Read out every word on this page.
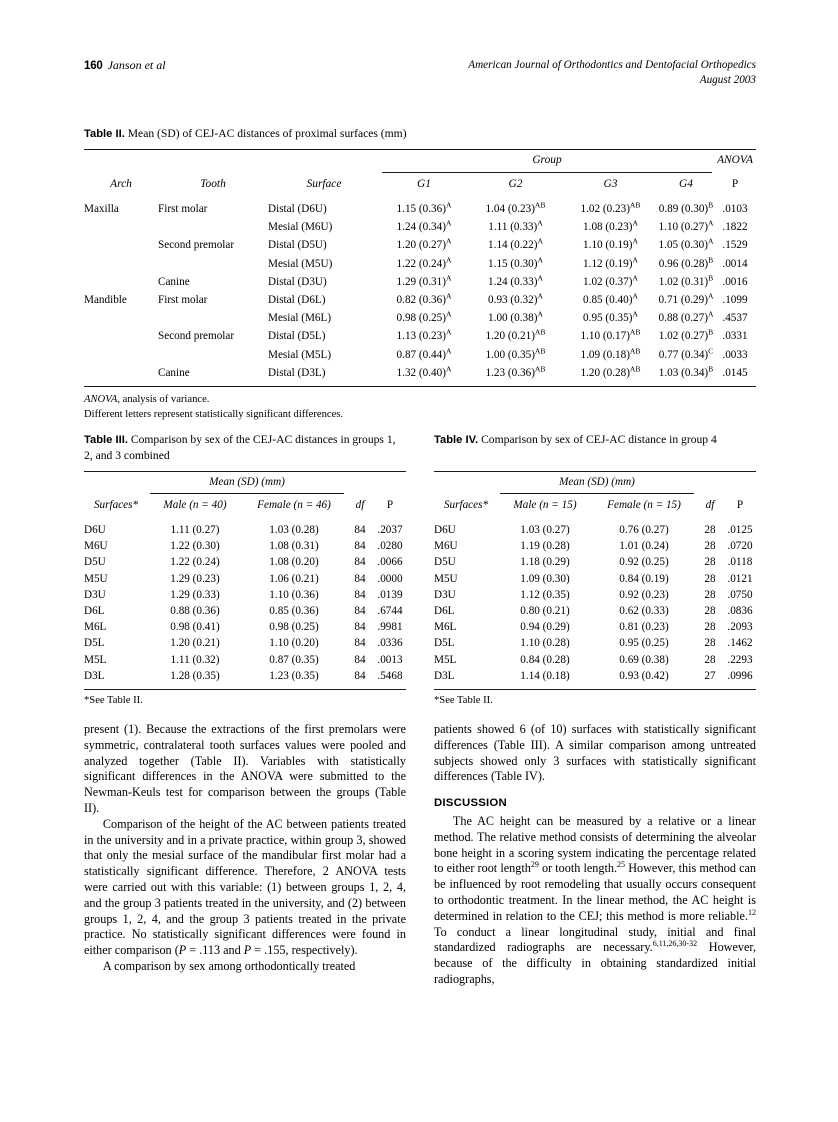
160 Janson et al	American Journal of Orthodontics and Dentofacial Orthopedics
August 2003
Table II. Mean (SD) of CEJ-AC distances of proximal surfaces (mm)
			Group				ANOVA

Arch	Tooth	Surface	G1	G2	G3	G4	P
Maxilla	First molar	Distal (D6U)	1.15 $(0.36)^A$	1.04 $(0.23)^{AB}$	1.02 $(0.23)^{AB}$	0.89 $(0.30)^B$	.0103
		Mesial (M6U)	1.24 $(0.34)^A$	1.11 $(0.33)^A$	1.08 $(0.23)^A$	1.10 $(0.27)^A$	.1822
	Second premolar	Distal (D5U)	1.20 $(0.27)^A$	1.14 $(0.22)^A$	1.10 $(0.19)^A$	1.05 $(0.30)^A$	.1529
		Mesial (M5U)	1.22 $(0.24)^A$	1.15 $(0.30)^A$	1.12 $(0.19)^A$	0.96 $(0.28)^B$	.0014
	Canine	Distal (D3U)	1.29 $(0.31)^A$	1.24 $(0.33)^A$	1.02 $(0.37)^A$	1.02 $(0.31)^B$	.0016
Mandible	First molar	Distal (D6L)	0.82 $(0.36)^A$	0.93 $(0.32)^A$	0.85 $(0.40)^A$	0.71 $(0.29)^A$	.1099
		Mesial (M6L)	0.98 $(0.25)^A$	1.00 $(0.38)^A$	0.95 $(0.35)^A$	0.88 $(0.27)^A$	.4537
	Second premolar	Distal (D5L)	1.13 $(0.23)^A$	1.20 $(0.21)^{AB}$	1.10 $(0.17)^{AB}$	1.02 $(0.27)^B$	.0331
		Mesial (M5L)	0.87 $(0.44)^A$	1.00 $(0.35)^{AB}$	1.09 $(0.18)^{AB}$	0.77 $(0.34)^C$	.0033
	Canine	Distal (D3L)	1.32 $(0.40)^A$	1.23 $(0.36)^{AB}$	1.20 $(0.28)^{AB}$	1.03 $(0.34)^B$	.0145
ANOVA, analysis of variance.
Different letters represent statistically significant differences.
Table III. Comparison by sex of the CEJ-AC distances in groups 1, 2, and 3 combined
	Mean (SD) (mm)			

Surfaces*	Male (n = 40)	Female (n = 46)	df	P
D6U	1.11 (0.27)	1.03 (0.28)	84	.2037
M6U	1.22 (0.30)	1.08 (0.31)	84	.0280
D5U	1.22 (0.24)	1.08 (0.20)	84	.0066
M5U	1.29 (0.23)	1.06 (0.21)	84	.0000
D3U	1.29 (0.33)	1.10 (0.36)	84	.0139
D6L	0.88 (0.36)	0.85 (0.36)	84	.6744
M6L	0.98 (0.41)	0.98 (0.25)	84	.9981
D5L	1.20 (0.21)	1.10 (0.20)	84	.0336
M5L	1.11 (0.32)	0.87 (0.35)	84	.0013
D3L	1.28 (0.35)	1.23 (0.35)	84	.5468
*See Table II.
Table IV. Comparison by sex of CEJ-AC distance in group 4
	Mean (SD) (mm)			

Surfaces*	Male (n = 15)	Female (n = 15)	df	P
D6U	1.03 (0.27)	0.76 (0.27)	28	.0125
M6U	1.19 (0.28)	1.01 (0.24)	28	.0720
D5U	1.18 (0.29)	0.92 (0.25)	28	.0118
M5U	1.09 (0.30)	0.84 (0.19)	28	.0121
D3U	1.12 (0.35)	0.92 (0.23)	28	.0750
D6L	0.80 (0.21)	0.62 (0.33)	28	.0836
M6L	0.94 (0.29)	0.81 (0.23)	28	.2093
D5L	1.10 (0.28)	0.95 (0.25)	28	.1462
M5L	0.84 (0.28)	0.69 (0.38)	28	.2293
D3L	1.14 (0.18)	0.93 (0.42)	27	.0996
*See Table II.

present (1). Because the extractions of the first premolars were symmetric, contralateral tooth surfaces values were pooled and analyzed together (Table II). Variables with statistically significant differences in the ANOVA were submitted to the Newman-Keuls test for comparison between the groups (Table II).

Comparison of the height of the AC between patients treated in the university and in a private practice, within group 3, showed that only the mesial surface of the mandibular first molar had a statistically significant difference. Therefore, 2 ANOVA tests were carried out with this variable: (1) between groups 1, 2, 4, and the group 3 patients treated in the university, and (2) between groups 1, 2, 4, and the group 3 patients treated in the private practice. No statistically significant differences were found in either comparison (P = .113 and P = .155, respectively).

A comparison by sex among orthodontically treated

patients showed 6 (of 10) surfaces with statistically significant differences (Table III). A similar comparison among untreated subjects showed only 3 surfaces with statistically significant differences (Table IV).

DISCUSSION

The AC height can be measured by a relative or a linear method. The relative method consists of determining the alveolar bone height in a scoring system indicating the percentage related to either root length$^{29}$ or tooth length.$^{25}$ However, this method can be influenced by root remodeling that usually occurs consequent to orthodontic treatment. In the linear method, the AC height is determined in relation to the CEJ; this method is more reliable.$^{12}$ To conduct a linear longitudinal study, initial and final standardized radiographs are necessary.$^{6,11,26,30-32}$ However, because of the difficulty in obtaining standardized initial radiographs,
